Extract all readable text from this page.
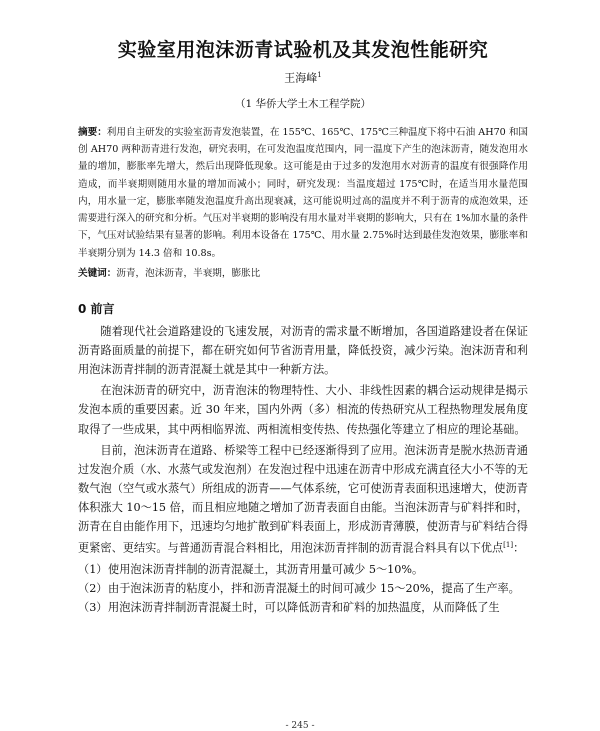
实验室用泡沫沥青试验机及其发泡性能研究
王海峰$^1$
（1 华侨大学土木工程学院）

摘要：利用自主研发的实验室沥青发泡装置，在 155℃、165℃、175℃三种温度下将中石油 AH70 和国创 AH70 两种沥青进行发泡，研究表明，在可发泡温度范围内，同一温度下产生的泡沫沥青，随发泡用水量的增加，膨胀率先增大，然后出现降低现象。这可能是由于过多的发泡用水对沥青的温度有很强降作用造成，而半衰期则随用水量的增加而减小；同时，研究发现：当温度超过 175℃时，在适当用水量范围内，用水量一定，膨胀率随发泡温度升高出现衰减，这可能说明过高的温度并不利于沥青的成泡效果，还需要进行深入的研究和分析。气压对半衰期的影响没有用水量对半衰期的影响大，只有在 1%加水量的条件下，气压对试验结果有显著的影响。利用本设备在 175℃、用水量 2.75%时达到最佳发泡效果，膨胀率和半衰期分别为 14.3 倍和 10.8s。

关键词：沥青，泡沫沥青，半衰期，膨胀比

0 前言

随着现代社会道路建设的飞速发展，对沥青的需求量不断增加，各国道路建设者在保证沥青路面质量的前提下，都在研究如何节省沥青用量，降低投资，减少污染。泡沫沥青和利用泡沫沥青拌制的沥青混凝土就是其中一种新方法。

在泡沫沥青的研究中，沥青泡沫的物理特性、大小、非线性因素的耦合运动规律是揭示发泡本质的重要因素。近 30 年来，国内外两（多）相流的传热研究从工程热物理发展角度取得了一些成果，其中两相临界流、两相流相变传热、传热强化等建立了相应的理论基础。

目前，泡沫沥青在道路、桥梁等工程中已经逐渐得到了应用。泡沫沥青是脱水热沥青通过发泡介质（水、水蒸气或发泡剂）在发泡过程中迅速在沥青中形成充满直径大小不等的无数气泡（空气或水蒸气）所组成的沥青——气体系统，它可使沥青表面积迅速增大，使沥青体积涨大 10～15 倍，而且相应地随之增加了沥青表面自由能。当泡沫沥青与矿料拌和时，沥青在自由能作用下，迅速均匀地扩散到矿料表面上，形成沥青薄膜，使沥青与矿料结合得更紧密、更结实。与普通沥青混合料相比，用泡沫沥青拌制的沥青混合料具有以下优点[1]：

（1） 使用泡沫沥青拌制的沥青混凝土，其沥青用量可减少 5～10%。
（2） 由于泡沫沥青的粘度小，拌和沥青混凝土的时间可减少 15～20%，提高了生产率。
（3） 用泡沫沥青拌制沥青混凝土时，可以降低沥青和矿料的加热温度，从而降低了生
- 245 -
